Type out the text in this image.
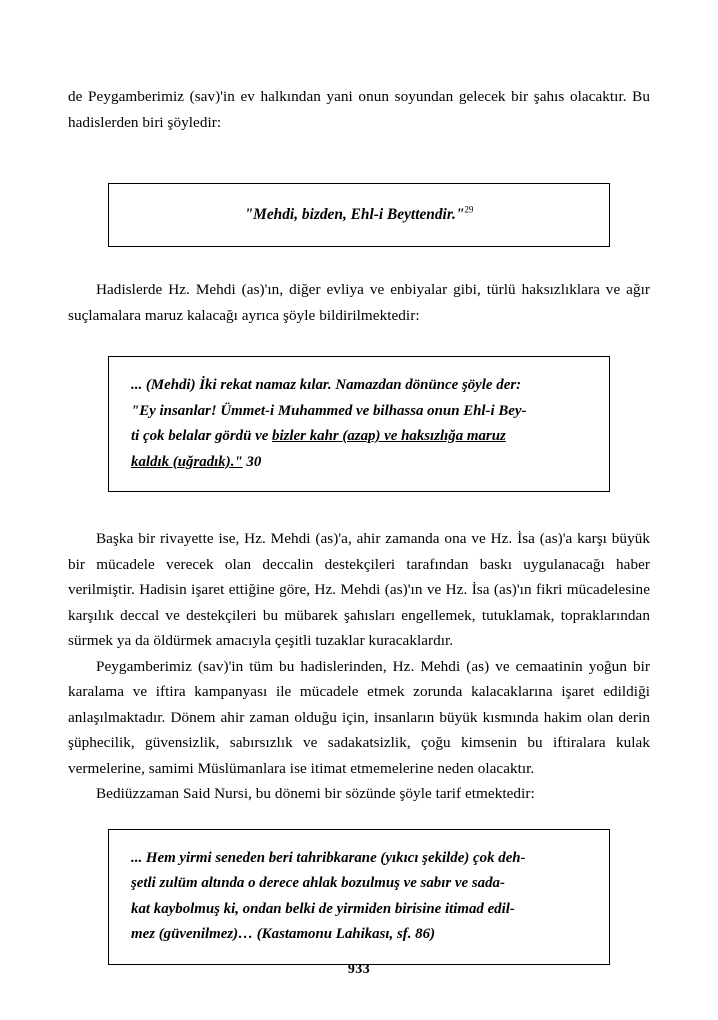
de Peygamberimiz (sav)'in ev halkından yani onun soyundan gelecek bir şahıs olacaktır. Bu hadislerden biri şöyledir:

"Mehdi, bizden, Ehl-i Beyttendir."$^{29}$

Hadislerde Hz. Mehdi (as)'ın, diğer evliya ve enbiyalar gibi, türlü haksızlıklara ve ağır suçlamalara maruz kalacağı ayrıca şöyle bildirilmektedir:

... (Mehdi) İki rekat namaz kılar. Namazdan dönünce şöyle der:

"Ey insanlar! Ümmet-i Muhammed ve bilhassa onun Ehl-i Bey-

ti çok belalar gördü ve bizler kahr (azap) ve haksızlığa maruz

kaldık (uğradık)." 30

Başka bir rivayette ise, Hz. Mehdi (as)'a, ahir zamanda ona ve Hz. İsa (as)'a karşı büyük bir mücadele verecek olan deccalin destekçileri tarafından baskı uygulanacağı haber verilmiştir. Hadisin işaret ettiğine göre, Hz. Mehdi (as)'ın ve Hz. İsa (as)'ın fikri mücadelesine karşılık deccal ve destekçileri bu mübarek şahısları engellemek, tutuklamak, topraklarından sürmek ya da öldürmek amacıyla çeşitli tuzaklar kuracaklardır.

Peygamberimiz (sav)'in tüm bu hadislerinden, Hz. Mehdi (as) ve cemaatinin yoğun bir karalama ve iftira kampanyası ile mücadele etmek zorunda kalacaklarına işaret edildiği anlaşılmaktadır. Dönem ahir zaman olduğu için, insanların büyük kısmında hakim olan derin şüphecilik, güvensizlik, sabırsızlık ve sadakatsizlik, çoğu kimsenin bu iftiralara kulak vermelerine, samimi Müslümanlara ise itimat etmemelerine neden olacaktır.

Bediüzzaman Said Nursi, bu dönemi bir sözünde şöyle tarif etmektedir:

... Hem yirmi seneden beri tahribkarane (yıkıcı şekilde) çok deh-

şetli zulüm altında o derece ahlak bozulmuş ve sabır ve sada-

kat kaybolmuş ki, ondan belki de yirmiden birisine itimad edil-

mez (güvenilmez)… (Kastamonu Lahikası, sf. 86)

933
